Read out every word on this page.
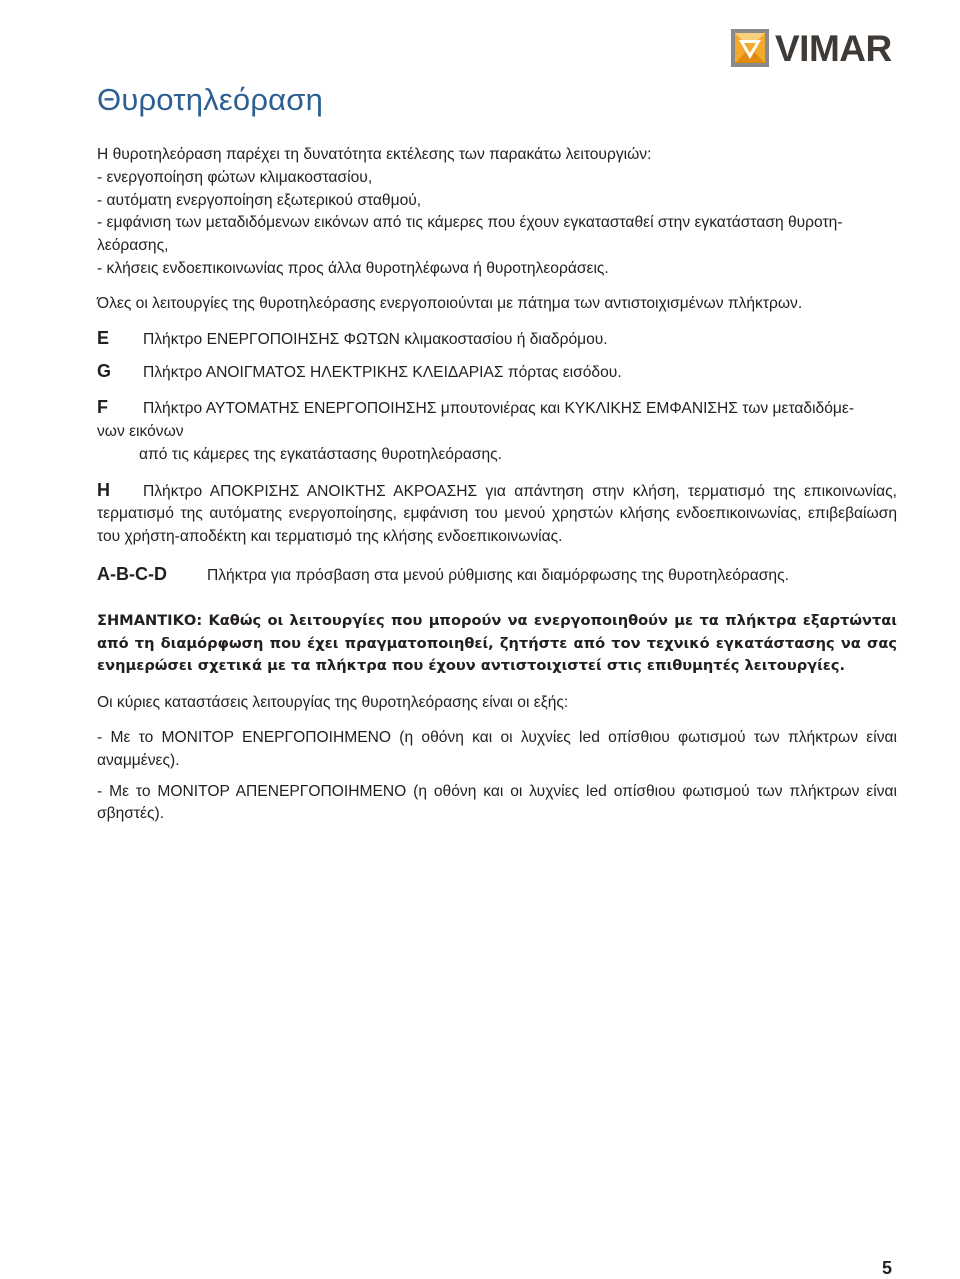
VIMAR
Θυροτηλεόραση

Η θυροτηλεόραση παρέχει τη δυνατότητα εκτέλεσης των παρακάτω λειτουργιών:

- ενεργοποίηση φώτων κλιμακοστασίου,

- αυτόματη ενεργοποίηση εξωτερικού σταθμού,

- εμφάνιση των μεταδιδόμενων εικόνων από τις κάμερες που έχουν εγκατασταθεί στην εγκατάσταση θυροτη-

λεόρασης,

- κλήσεις ενδοεπικοινωνίας προς άλλα θυροτηλέφωνα ή θυροτηλεοράσεις.

Όλες οι λειτουργίες της θυροτηλεόρασης ενεργοποιούνται με πάτημα των αντιστοιχισμένων πλήκτρων.

E	Πλήκτρο ΕΝΕΡΓΟΠΟΙΗΣΗΣ ΦΩΤΩΝ κλιμακοστασίου ή διαδρόμου.
G	Πλήκτρο ΑΝΟΙΓΜΑΤΟΣ ΗΛΕΚΤΡΙΚΗΣ ΚΛΕΙΔΑΡΙΑΣ πόρτας εισόδου.
F Πλήκτρο ΑΥΤΟΜΑΤΗΣ ΕΝΕΡΓΟΠΟΙΗΣΗΣ μπουτονιέρας και ΚΥΚΛΙΚΗΣ ΕΜΦΑΝΙΣΗΣ των μεταδιδόμε-
νων εικόνων
από τις κάμερες της εγκατάστασης θυροτηλεόρασης.
H Πλήκτρο ΑΠΟΚΡΙΣΗΣ ΑΝΟΙΚΤΗΣ ΑΚΡΟΑΣΗΣ για απάντηση στην κλήση, τερματισμό της επικοινωνίας, τερματισμό της αυτόματης ενεργοποίησης, εμφάνιση του μενού χρηστών κλήσης ενδοεπικοινωνίας, επιβεβαίωση του χρήστη-αποδέκτη και τερματισμό της κλήσης ενδοεπικοινωνίας.
A-B-C-D	Πλήκτρα για πρόσβαση στα μενού ρύθμισης και διαμόρφωσης της θυροτηλεόρασης.

ΣΗΜΑΝΤΙΚΟ: Καθώς οι λειτουργίες που μπορούν να ενεργοποιηθούν με τα πλήκτρα εξαρτώνται από τη διαμόρφωση που έχει πραγματοποιηθεί, ζητήστε από τον τεχνικό εγκατάστασης να σας ενημερώσει σχετικά με τα πλήκτρα που έχουν αντιστοιχιστεί στις επιθυμητές λειτουργίες.

Οι κύριες καταστάσεις λειτουργίας της θυροτηλεόρασης είναι οι εξής:

- Με το ΜΟΝΙΤΟΡ ΕΝΕΡΓΟΠΟΙΗΜΕΝΟ (η οθόνη και οι λυχνίες led οπίσθιου φωτισμού των πλήκτρων είναι αναμμένες).

- Με το ΜΟΝΙΤΟΡ ΑΠΕΝΕΡΓΟΠΟΙΗΜΕΝΟ (η οθόνη και οι λυχνίες led οπίσθιου φωτισμού των πλήκτρων είναι σβηστές).

5
